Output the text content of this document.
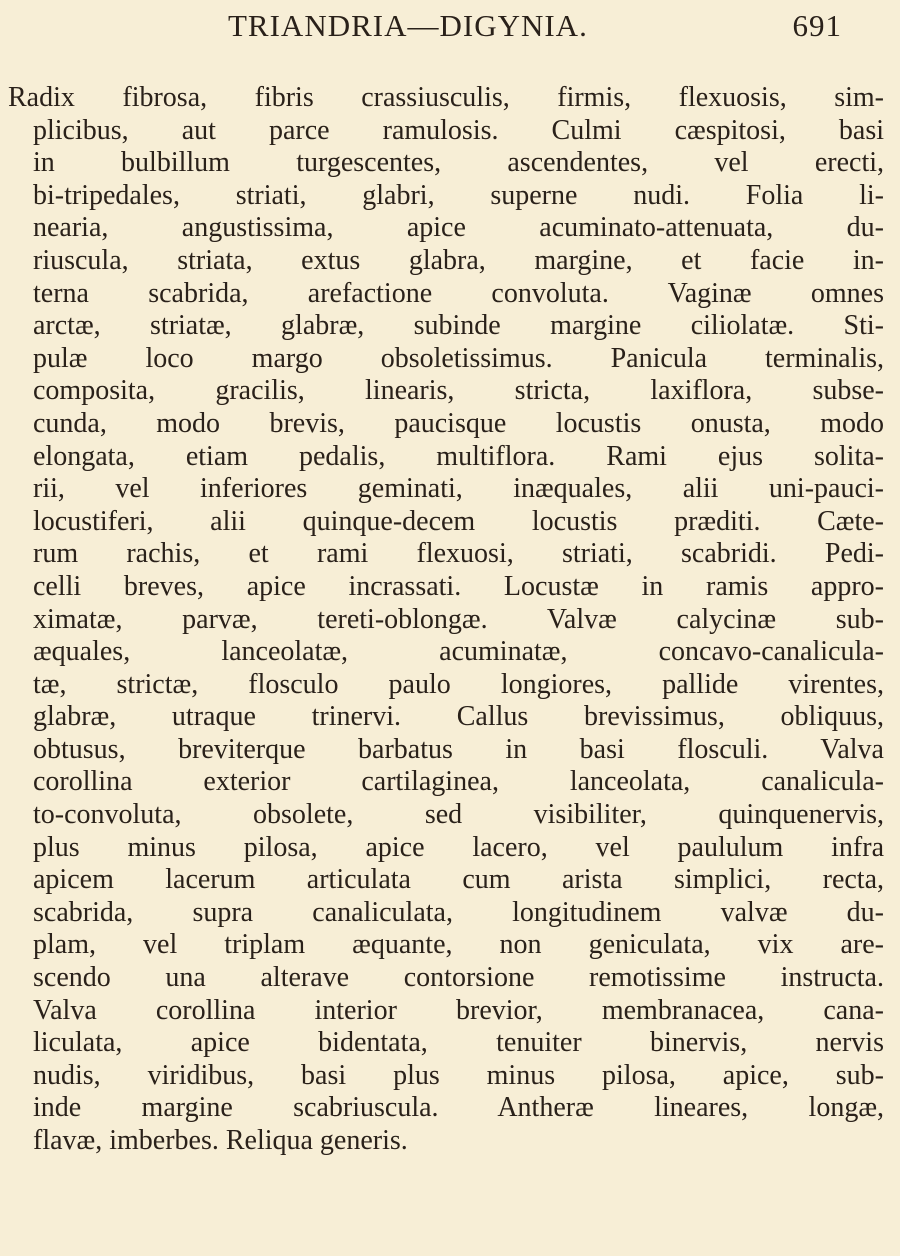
TRIANDRIA—DIGYNIA.	691
Radix fibrosa, fibris crassiusculis, firmis, flexuosis, sim-
plicibus, aut parce ramulosis. Culmi cæspitosi, basi
in bulbillum turgescentes, ascendentes, vel erecti,
bi-tripedales, striati, glabri, superne nudi. Folia li-
nearia, angustissima, apice acuminato-attenuata, du-
riuscula, striata, extus glabra, margine, et facie in-
terna scabrida, arefactione convoluta. Vaginæ omnes
arctæ, striatæ, glabræ, subinde margine ciliolatæ. Sti-
pulæ loco margo obsoletissimus. Panicula terminalis,
composita, gracilis, linearis, stricta, laxiflora, subse-
cunda, modo brevis, paucisque locustis onusta, modo
elongata, etiam pedalis, multiflora. Rami ejus solita-
rii, vel inferiores geminati, inæquales, alii uni-pauci-
locustiferi, alii quinque-decem locustis præditi. Cæte-
rum rachis, et rami flexuosi, striati, scabridi. Pedi-
celli breves, apice incrassati. Locustæ in ramis appro-
ximatæ, parvæ, tereti-oblongæ. Valvæ calycinæ sub-
æquales, lanceolatæ, acuminatæ, concavo-canalicula-
tæ, strictæ, flosculo paulo longiores, pallide virentes,
glabræ, utraque trinervi. Callus brevissimus, obliquus,
obtusus, breviterque barbatus in basi flosculi. Valva
corollina exterior cartilaginea, lanceolata, canalicula-
to-convoluta, obsolete, sed visibiliter, quinquenervis,
plus minus pilosa, apice lacero, vel paululum infra
apicem lacerum articulata cum arista simplici, recta,
scabrida, supra canaliculata, longitudinem valvæ du-
plam, vel triplam æquante, non geniculata, vix are-
scendo una alterave contorsione remotissime instructa.
Valva corollina interior brevior, membranacea, cana-
liculata, apice bidentata, tenuiter binervis, nervis
nudis, viridibus, basi plus minus pilosa, apice, sub-
inde margine scabriuscula. Antheræ lineares, longæ,
flavæ, imberbes. Reliqua generis.
